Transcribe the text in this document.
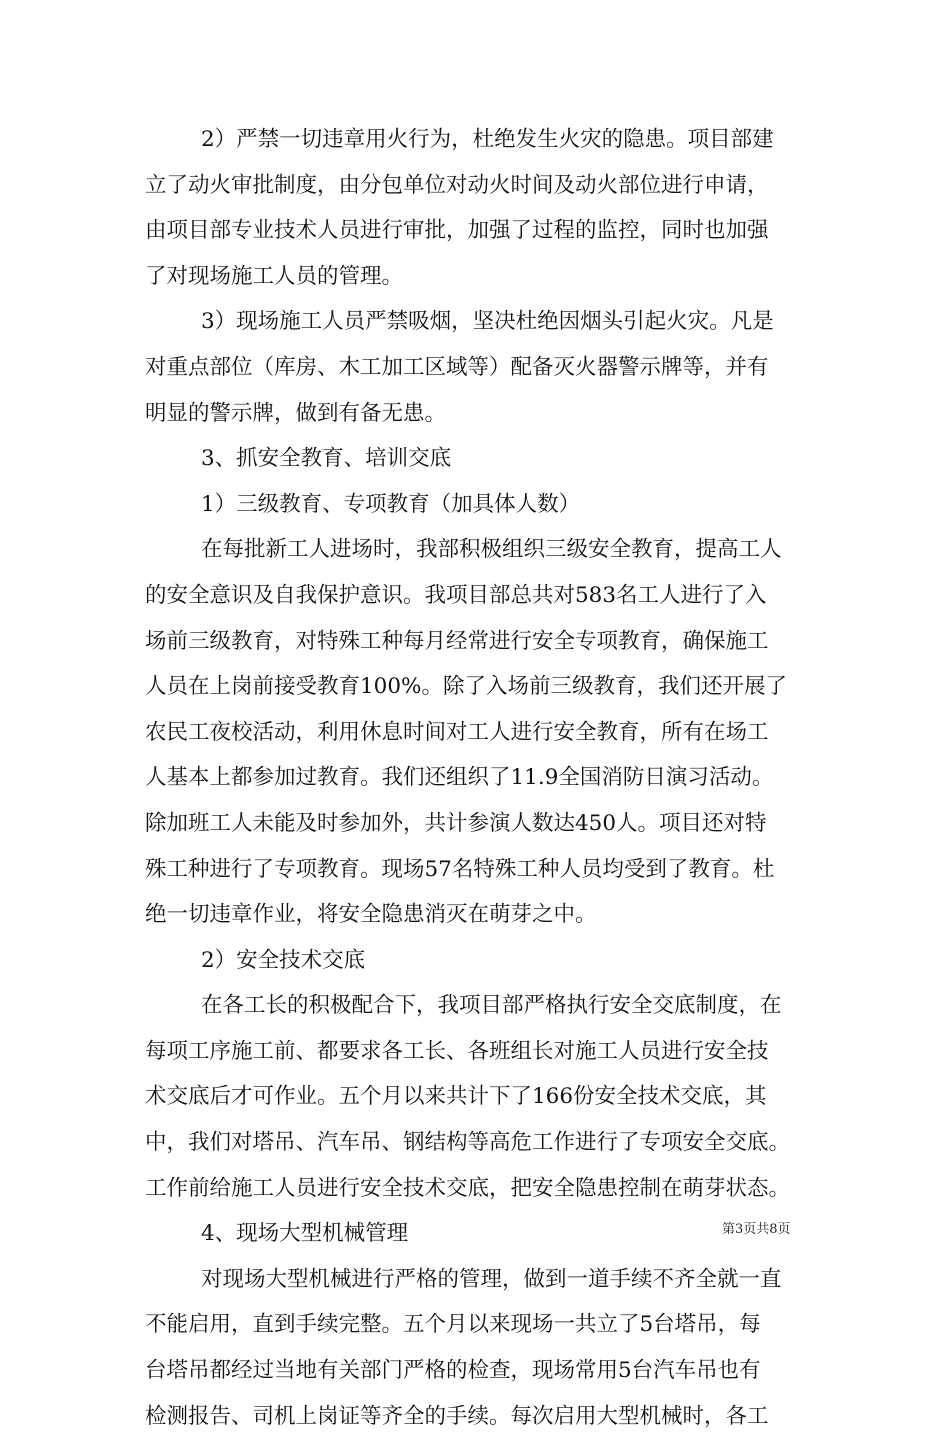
2）严禁一切违章用火行为，杜绝发生火灾的隐患。项目部建
立了动火审批制度，由分包单位对动火时间及动火部位进行申请，
由项目部专业技术人员进行审批，加强了过程的监控，同时也加强
了对现场施工人员的管理。
3）现场施工人员严禁吸烟，坚决杜绝因烟头引起火灾。凡是
对重点部位（库房、木工加工区域等）配备灭火器警示牌等，并有
明显的警示牌，做到有备无患。
3、抓安全教育、培训交底
1）三级教育、专项教育（加具体人数）
在每批新工人进场时，我部积极组织三级安全教育，提高工人
的安全意识及自我保护意识。我项目部总共对583名工人进行了入
场前三级教育，对特殊工种每月经常进行安全专项教育，确保施工
人员在上岗前接受教育100%。除了入场前三级教育，我们还开展了
农民工夜校活动，利用休息时间对工人进行安全教育，所有在场工
人基本上都参加过教育。我们还组织了11.9全国消防日演习活动。
除加班工人未能及时参加外，共计参演人数达450人。项目还对特
殊工种进行了专项教育。现场57名特殊工种人员均受到了教育。杜
绝一切违章作业，将安全隐患消灭在萌芽之中。
2）安全技术交底
在各工长的积极配合下，我项目部严格执行安全交底制度，在
每项工序施工前、都要求各工长、各班组长对施工人员进行安全技
术交底后才可作业。五个月以来共计下了166份安全技术交底，其
中，我们对塔吊、汽车吊、钢结构等高危工作进行了专项安全交底。
工作前给施工人员进行安全技术交底，把安全隐患控制在萌芽状态。
4、现场大型机械管理
对现场大型机械进行严格的管理，做到一道手续不齐全就一直
不能启用，直到手续完整。五个月以来现场一共立了5台塔吊，每
台塔吊都经过当地有关部门严格的检查，现场常用5台汽车吊也有
检测报告、司机上岗证等齐全的手续。每次启用大型机械时，各工
第3页共8页
